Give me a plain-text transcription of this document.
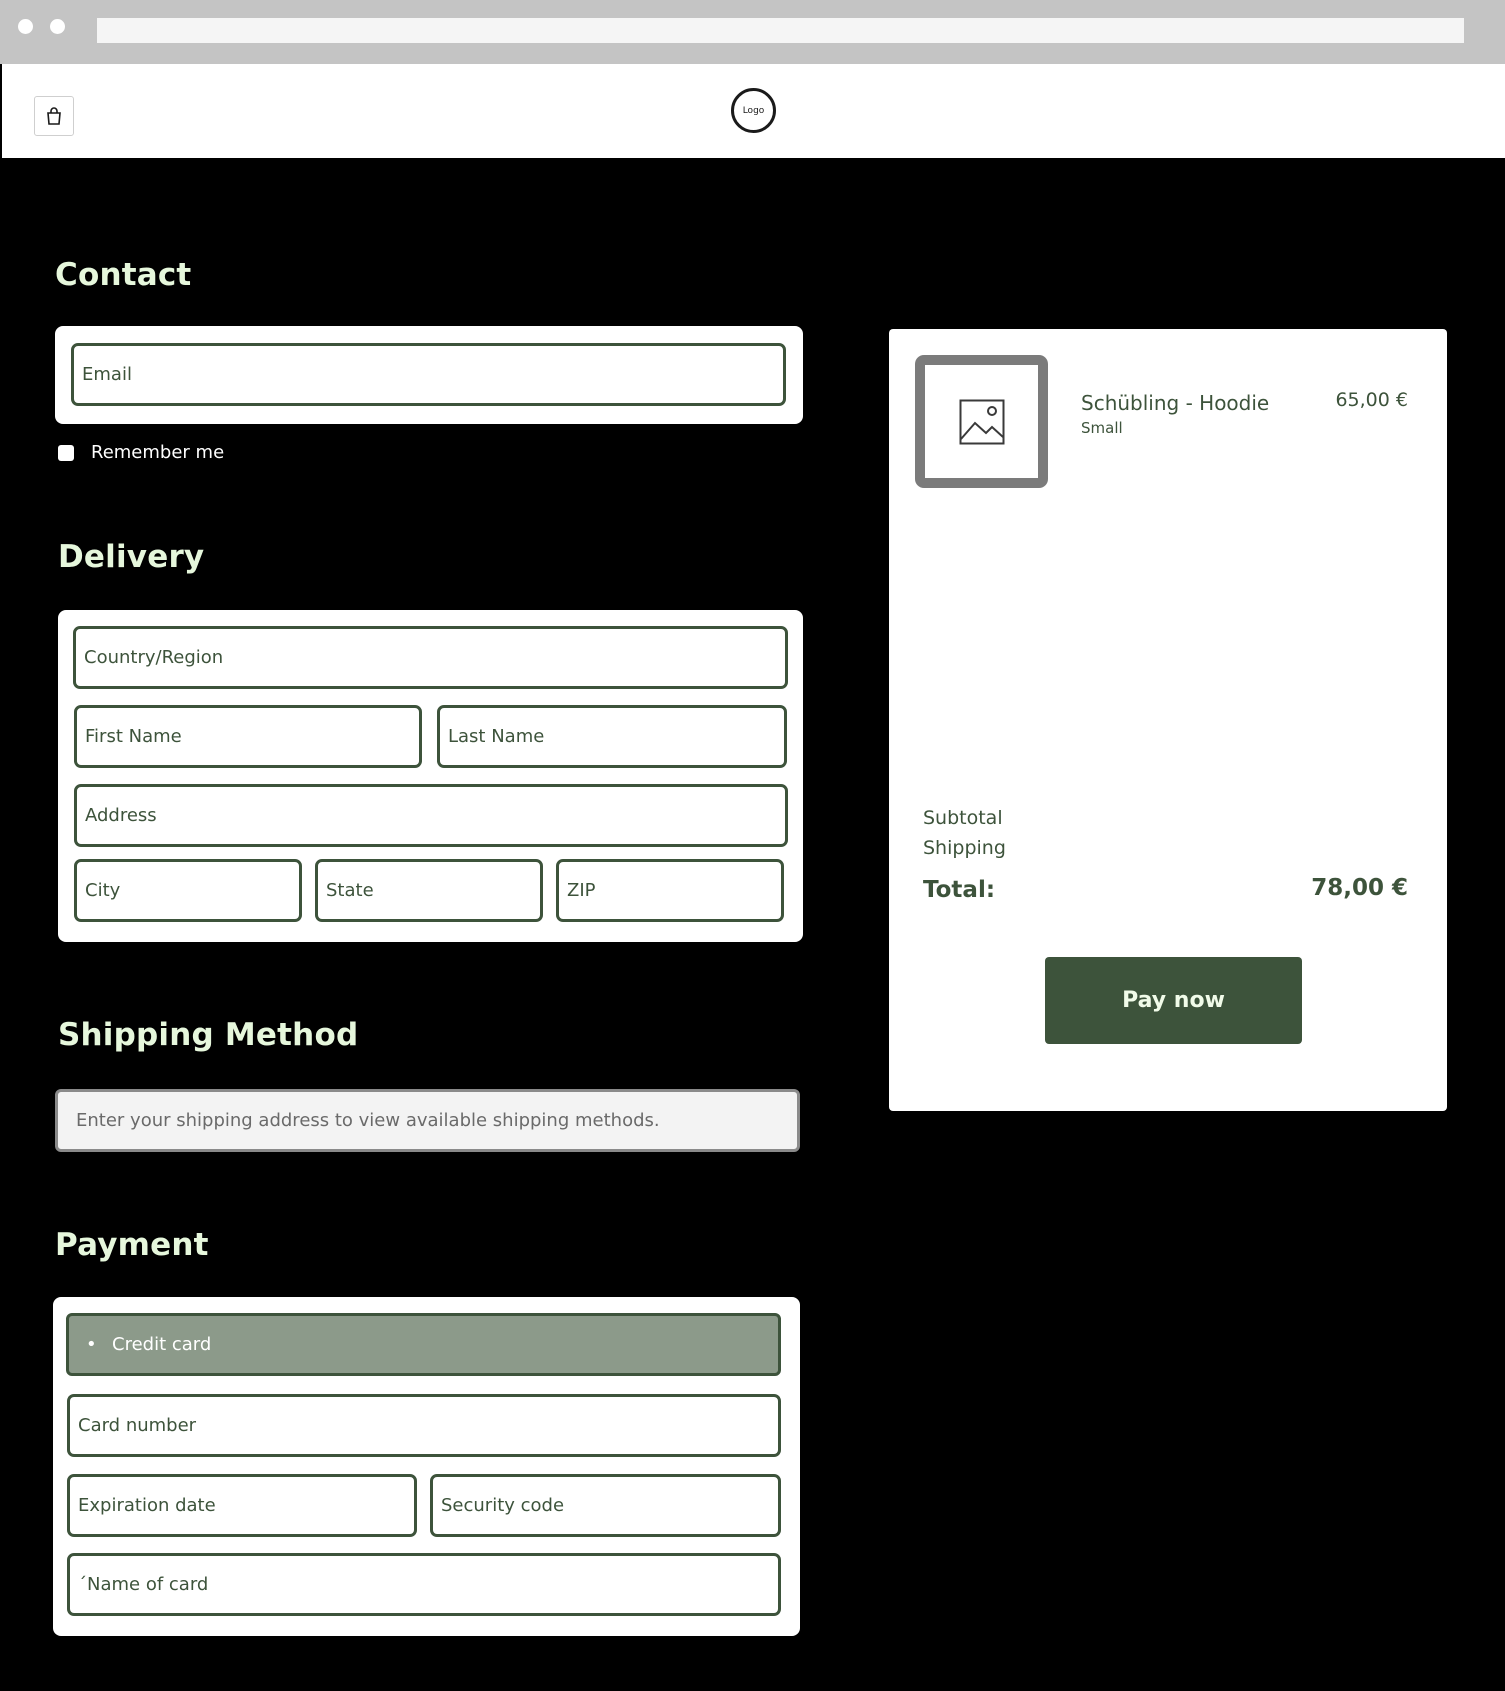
Logo
Contact
Email
Remember me
Delivery
Country/Region
First Name	Last Name
Address
City	State	ZIP
Shipping Method
Enter your shipping address to view available shipping methods.
Payment
• Credit card
Card number
Expiration date	Security code
´Name of card
Schübling - Hoodie
Small
65,00 €
Subtotal
Shipping
Total:	78,00 €
Pay now
